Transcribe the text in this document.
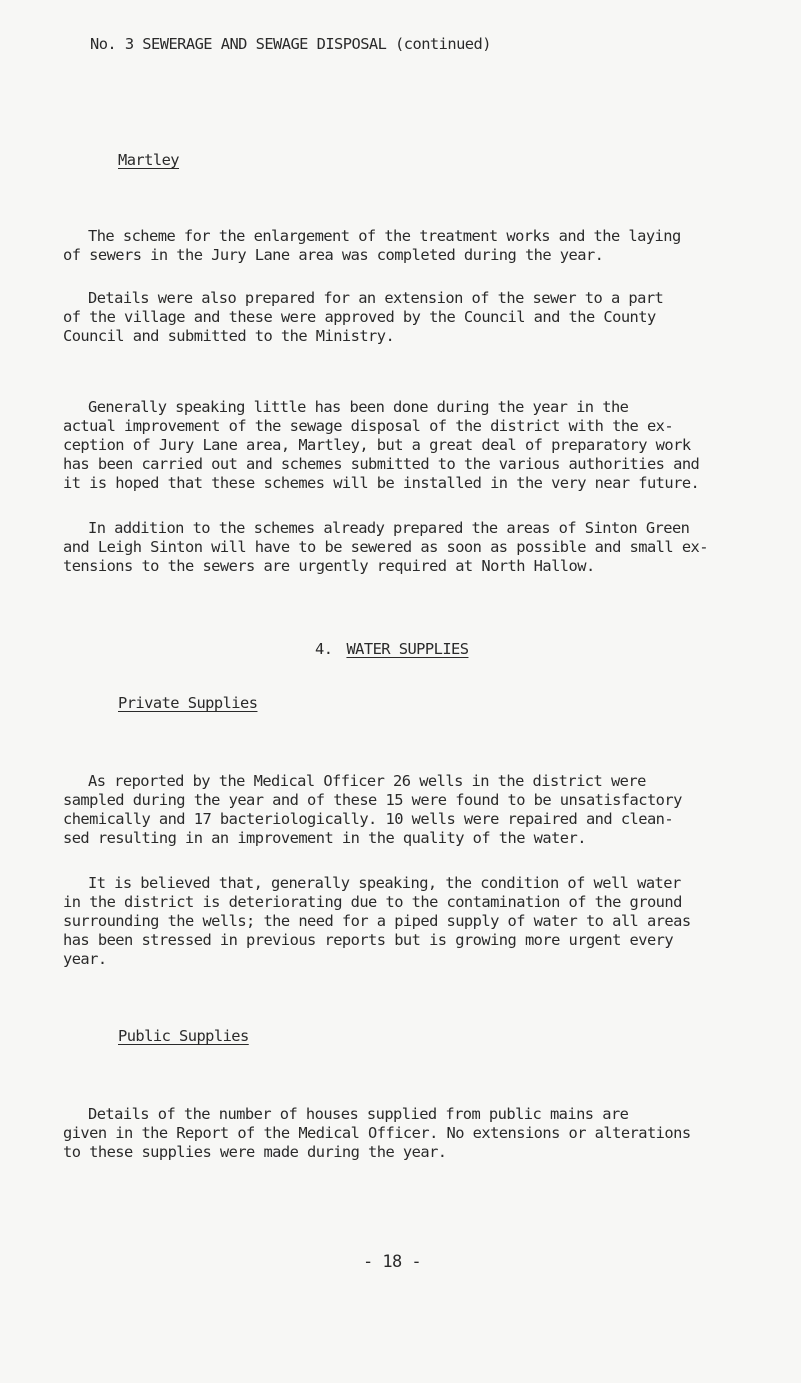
No. 3 SEWERAGE AND SEWAGE DISPOSAL (continued)
Martley
The scheme for the enlargement of the treatment works and the laying
of sewers in the Jury Lane area was completed during the year.
Details were also prepared for an extension of the sewer to a part
of the village and these were approved by the Council and the County
Council and submitted to the Ministry.
Generally speaking little has been done during the year in the
actual improvement of the sewage disposal of the district with the ex-
ception of Jury Lane area, Martley, but a great deal of preparatory work
has been carried out and schemes submitted to the various authorities and
it is hoped that these schemes will be installed in the very near future.
In addition to the schemes already prepared the areas of Sinton Green
and Leigh Sinton will have to be sewered as soon as possible and small ex-
tensions to the sewers are urgently required at North Hallow.
4. WATER SUPPLIES
Private Supplies
As reported by the Medical Officer 26 wells in the district were
sampled during the year and of these 15 were found to be unsatisfactory
chemically and 17 bacteriologically. 10 wells were repaired and clean-
sed resulting in an improvement in the quality of the water.
It is believed that, generally speaking, the condition of well water
in the district is deteriorating due to the contamination of the ground
surrounding the wells; the need for a piped supply of water to all areas
has been stressed in previous reports but is growing more urgent every
year.
Public Supplies
Details of the number of houses supplied from public mains are
given in the Report of the Medical Officer. No extensions or alterations
to these supplies were made during the year.
- 18 -
